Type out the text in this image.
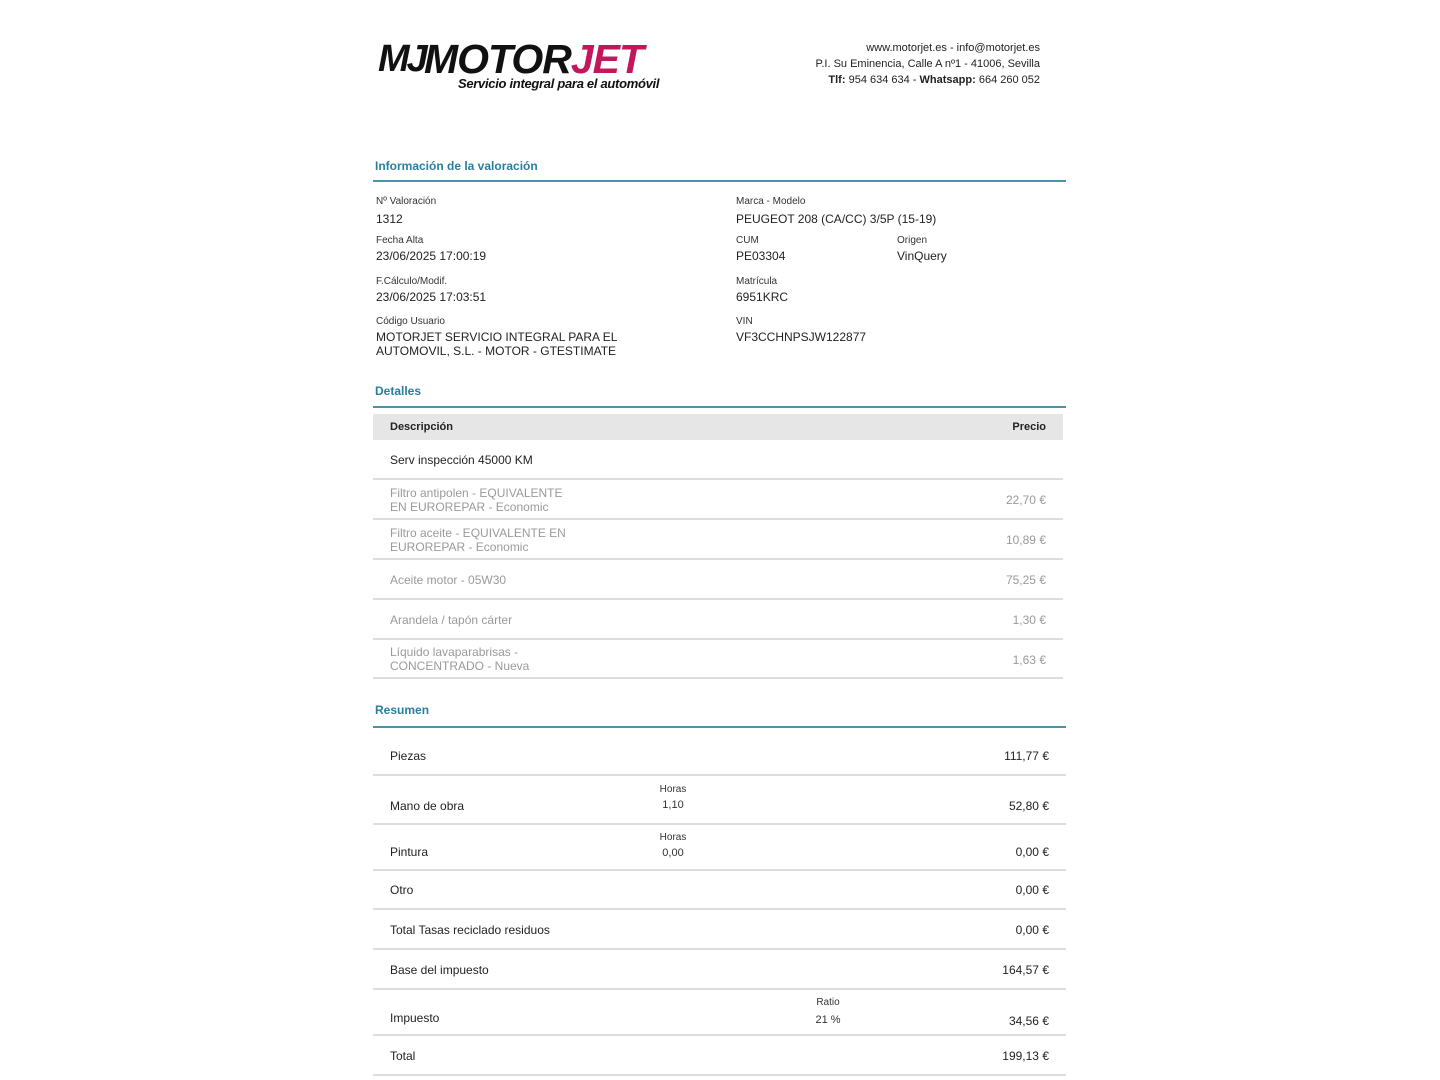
MJ MOTORJET
Servicio integral para el automóvil
www.motorjet.es - info@motorjet.es
P.I. Su Eminencia, Calle A nº1 - 41006, Sevilla
Tlf: 954 634 634 - Whatsapp: 664 260 052
Información de la valoración
Nº Valoración
1312
Fecha Alta
23/06/2025 17:00:19
F.Cálculo/Modif.
23/06/2025 17:03:51
Código Usuario
MOTORJET SERVICIO INTEGRAL PARA EL
AUTOMOVIL, S.L. - MOTOR - GTESTIMATE
Marca - Modelo
PEUGEOT 208 (CA/CC) 3/5P (15-19)
CUM
PE03304
Origen
VinQuery
Matrícula
6951KRC
VIN
VF3CCHNPSJW122877
Detalles
Descripción	Precio
Serv inspección 45000 KM
Filtro antipolen - EQUIVALENTE
EN EUROREPAR - Economic	22,70 €
Filtro aceite - EQUIVALENTE EN
EUROREPAR - Economic	10,89 €
Aceite motor - 05W30	75,25 €
Arandela / tapón cárter	1,30 €
Líquido lavaparabrisas -
CONCENTRADO - Nueva	1,63 €
Resumen
Piezas	111,77 €
Mano de obra
Horas
1,10	52,80 €
Pintura
Horas
0,00	0,00 €
Otro	0,00 €
Total Tasas reciclado residuos	0,00 €
Base del impuesto	164,57 €
Impuesto
Ratio
21 %	34,56 €
Total	199,13 €
